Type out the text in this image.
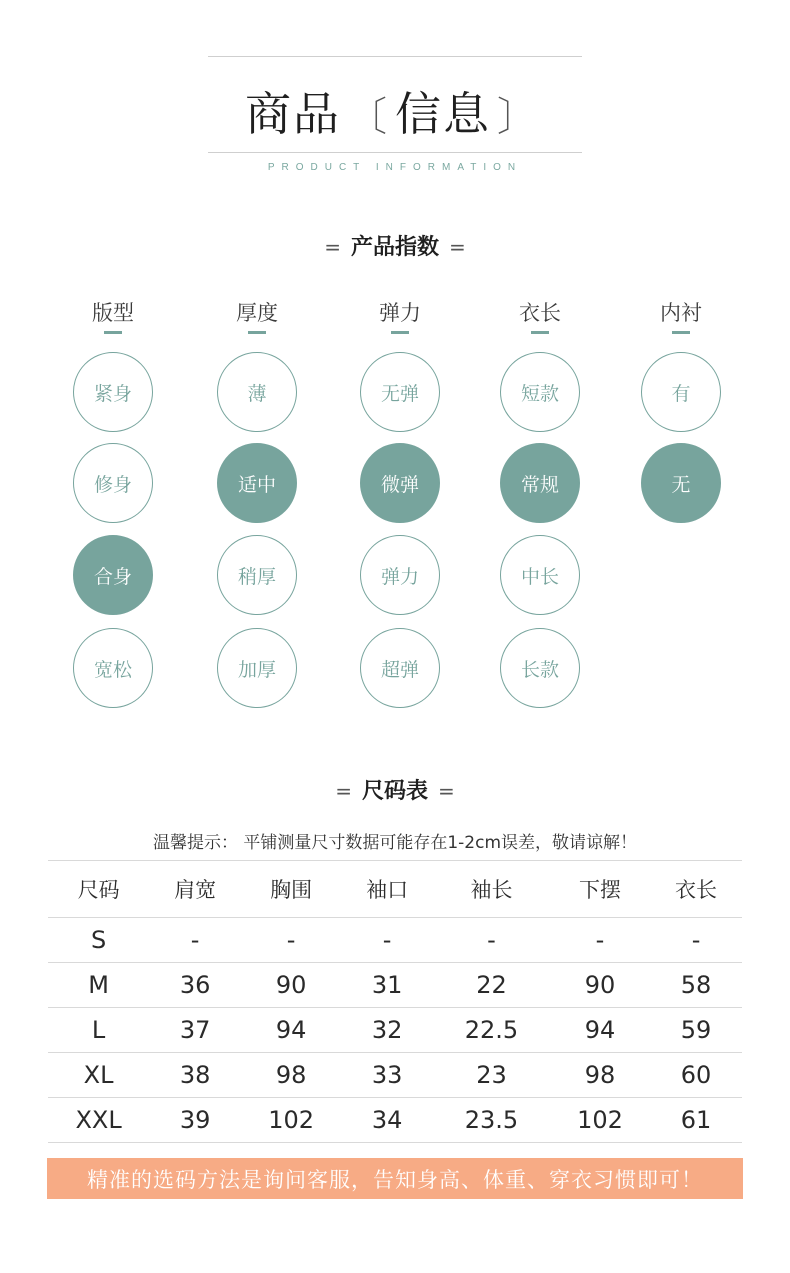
商品 〔 信息 〕
PRODUCT INFORMATION
= 产品指数 =
版型
紧身
修身
合身
宽松
厚度
薄
适中
稍厚
加厚
弹力
无弹
微弹
弹力
超弹
衣长
短款
常规
中长
长款
内衬
有
无
= 尺码表 =
温馨提示： 平铺测量尺寸数据可能存在1-2cm误差，敬请谅解！
尺码	肩宽	胸围	袖口	袖长	下摆	衣长
S	-	-	-	-	-	-
M	36	90	31	22	90	58
L	37	94	32	22.5	94	59
XL	38	98	33	23	98	60
XXL	39	102	34	23.5	102	61
精准的选码方法是询问客服，告知身高、体重、穿衣习惯即可！
